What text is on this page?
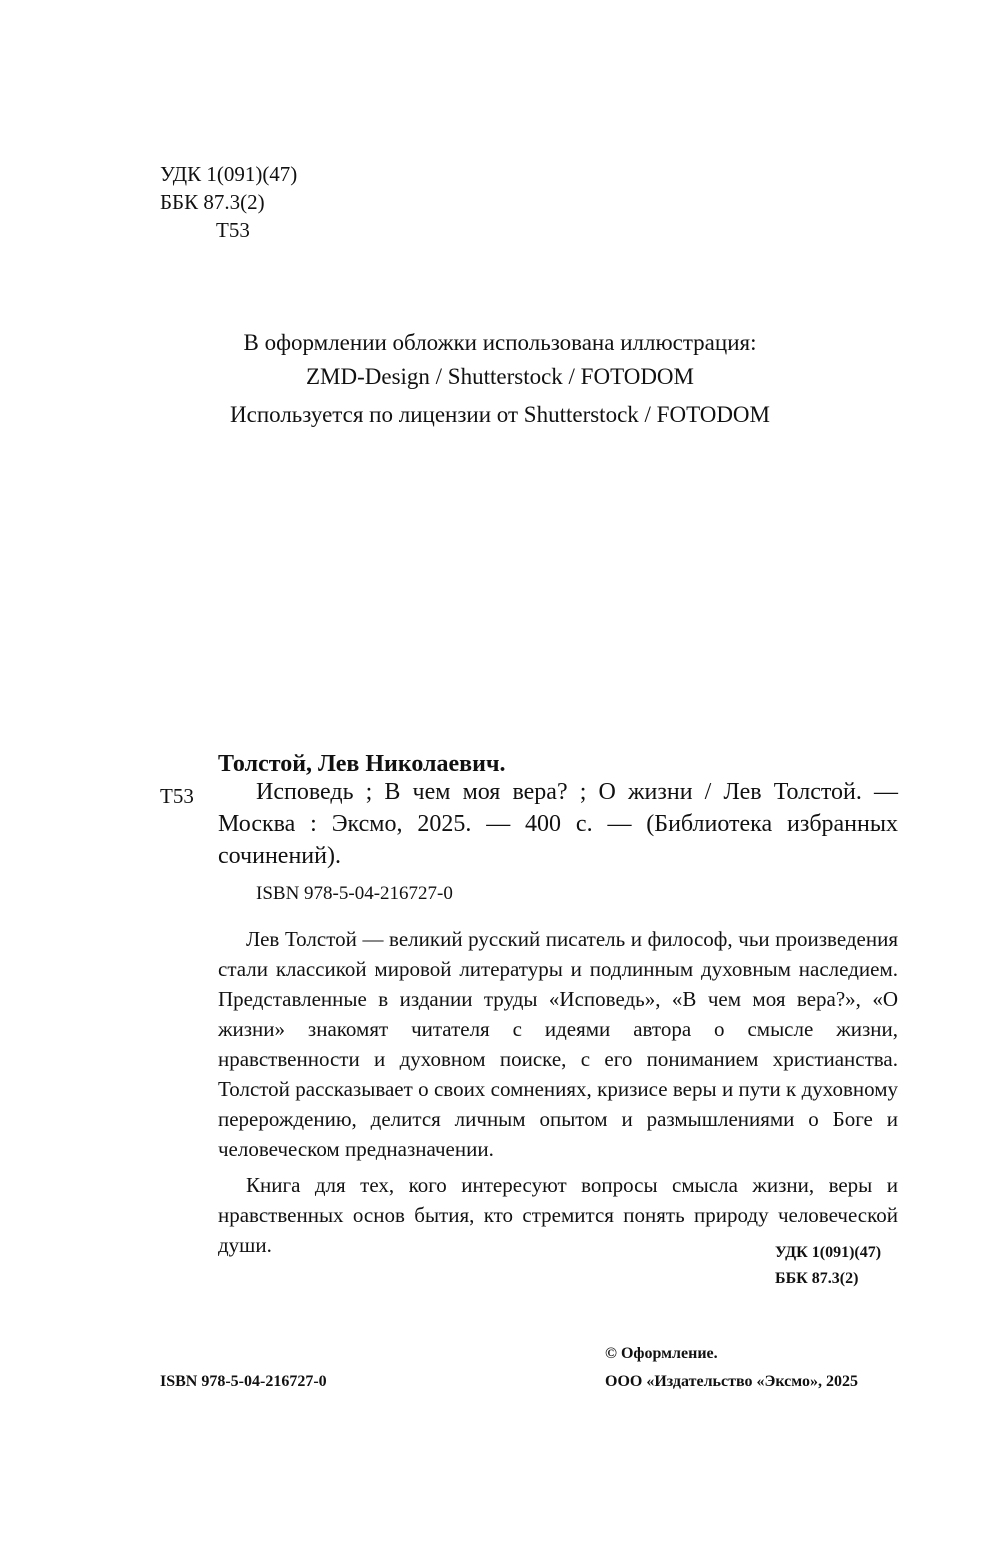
УДК 1(091)(47)
ББК 87.3(2)
Т53
В оформлении обложки использована иллюстрация:
ZMD-Design / Shutterstock / FOTODOM
Используется по лицензии от Shutterstock / FOTODOM
Толстой, Лев Николаевич.
Т53	Исповедь ; В чем моя вера? ; О жизни / Лев Толстой. — Москва : Эксмо, 2025. — 400 с. — (Библиотека избранных сочинений).
ISBN 978-5-04-216727-0

Лев Толстой — великий русский писатель и философ, чьи произведения стали классикой мировой литературы и подлинным духовным наследием. Представленные в издании труды «Исповедь», «В чем моя вера?», «О жизни» знакомят читателя с идеями автора о смысле жизни, нравственности и духовном поиске, с его пониманием христианства. Толстой рассказывает о своих сомнениях, кризисе веры и пути к духовному перерождению, делится личным опытом и размышлениями о Боге и человеческом предназначении.

Книга для тех, кого интересуют вопросы смысла жизни, веры и нравственных основ бытия, кто стремится понять природу человеческой души.	УДК 1(091)(47)
ББК 87.3(2)
© Оформление.
ООО «Издательство «Эксмо», 2025
ISBN 978-5-04-216727-0
